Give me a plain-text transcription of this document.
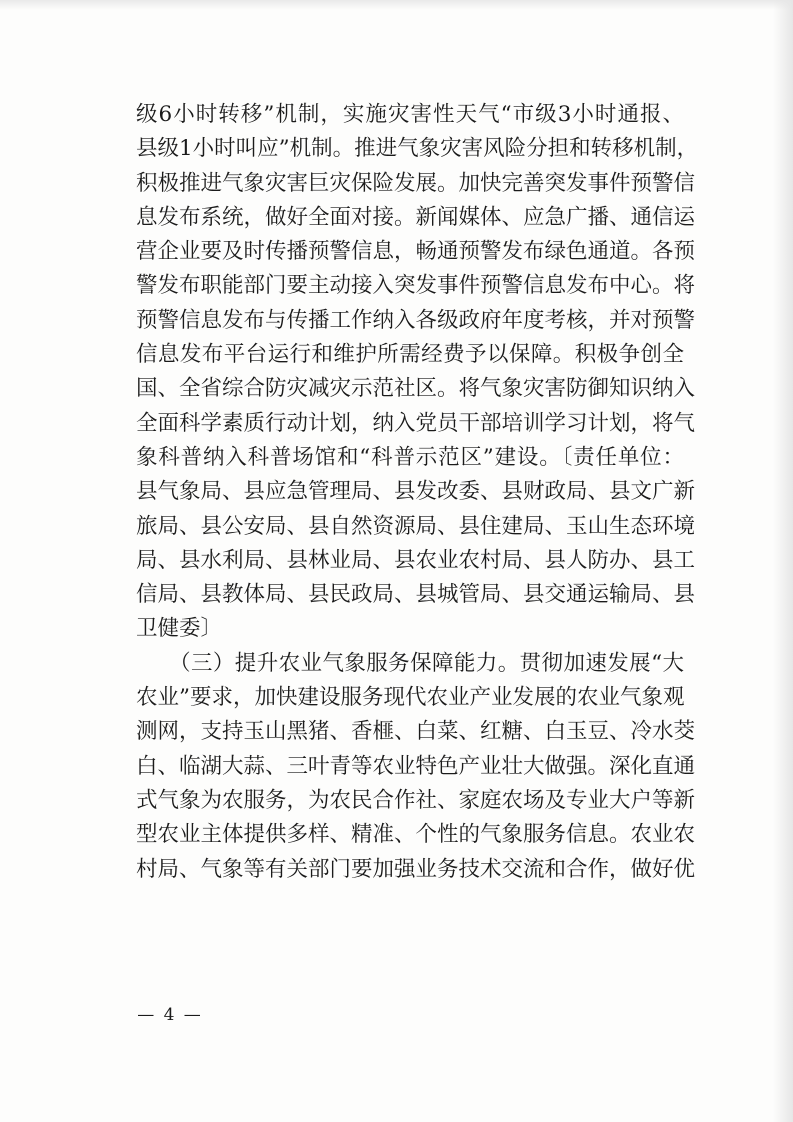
级6小时转移”机制，实施灾害性天气“市级3小时通报、
县级1小时叫应”机制。推进气象灾害风险分担和转移机制，
积极推进气象灾害巨灾保险发展。加快完善突发事件预警信
息发布系统，做好全面对接。新闻媒体、应急广播、通信运
营企业要及时传播预警信息，畅通预警发布绿色通道。各预
警发布职能部门要主动接入突发事件预警信息发布中心。将
预警信息发布与传播工作纳入各级政府年度考核，并对预警
信息发布平台运行和维护所需经费予以保障。积极争创全
国、全省综合防灾减灾示范社区。将气象灾害防御知识纳入
全面科学素质行动计划，纳入党员干部培训学习计划，将气
象科普纳入科普场馆和“科普示范区”建设。〔责任单位：
县气象局、县应急管理局、县发改委、县财政局、县文广新
旅局、县公安局、县自然资源局、县住建局、玉山生态环境
局、县水利局、县林业局、县农业农村局、县人防办、县工
信局、县教体局、县民政局、县城管局、县交通运输局、县
卫健委〕
　　（三）提升农业气象服务保障能力。贯彻加速发展“大
农业”要求，加快建设服务现代农业产业发展的农业气象观
测网，支持玉山黑猪、香榧、白菜、红糖、白玉豆、冷水茭
白、临湖大蒜、三叶青等农业特色产业壮大做强。深化直通
式气象为农服务，为农民合作社、家庭农场及专业大户等新
型农业主体提供多样、精准、个性的气象服务信息。农业农
村局、气象等有关部门要加强业务技术交流和合作，做好优
— 4 —
